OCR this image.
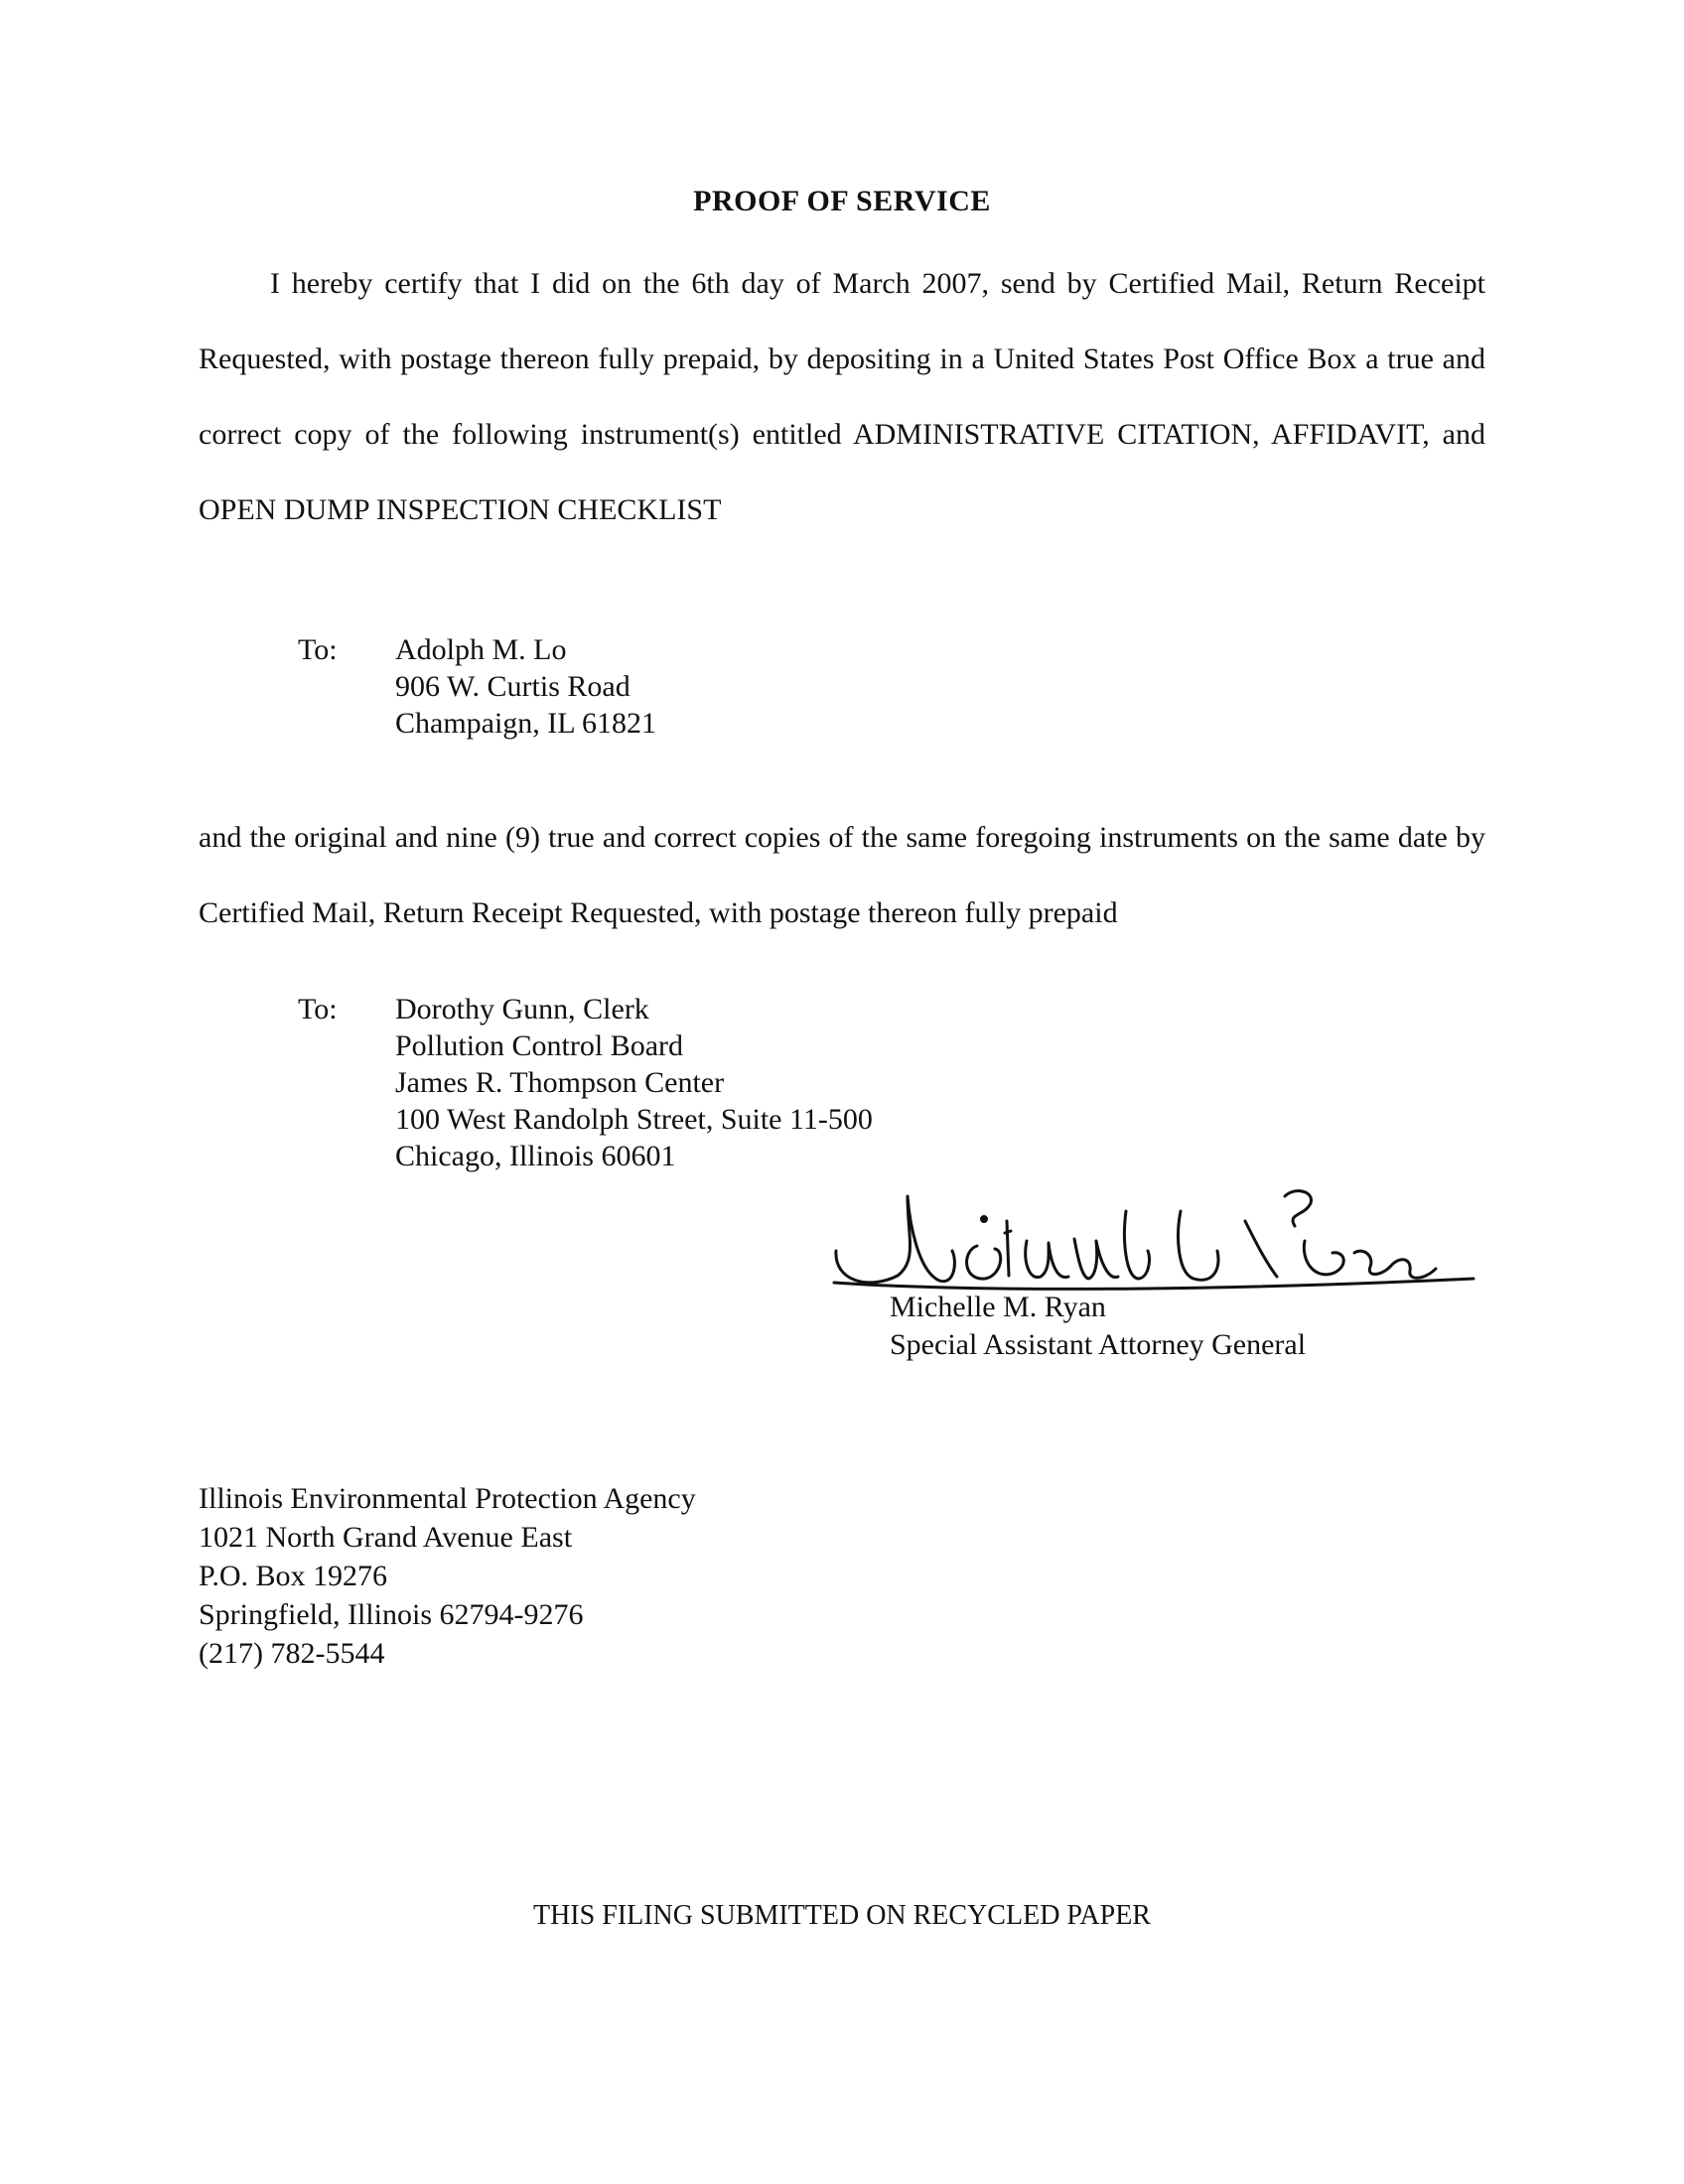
PROOF OF SERVICE
I hereby certify that I did on the 6th day of March 2007, send by Certified Mail, Return Receipt Requested, with postage thereon fully prepaid, by depositing in a United States Post Office Box a true and correct copy of the following instrument(s) entitled ADMINISTRATIVE CITATION, AFFIDAVIT, and OPEN DUMP INSPECTION CHECKLIST
To: Adolph M. Lo
906 W. Curtis Road
Champaign, IL 61821
and the original and nine (9) true and correct copies of the same foregoing instruments on the same date by Certified Mail, Return Receipt Requested, with postage thereon fully prepaid
To: Dorothy Gunn, Clerk
Pollution Control Board
James R. Thompson Center
100 West Randolph Street, Suite 11-500
Chicago, Illinois 60601
Michelle M. Ryan
Special Assistant Attorney General
Illinois Environmental Protection Agency
1021 North Grand Avenue East
P.O. Box 19276
Springfield, Illinois 62794-9276
(217) 782-5544
THIS FILING SUBMITTED ON RECYCLED PAPER
